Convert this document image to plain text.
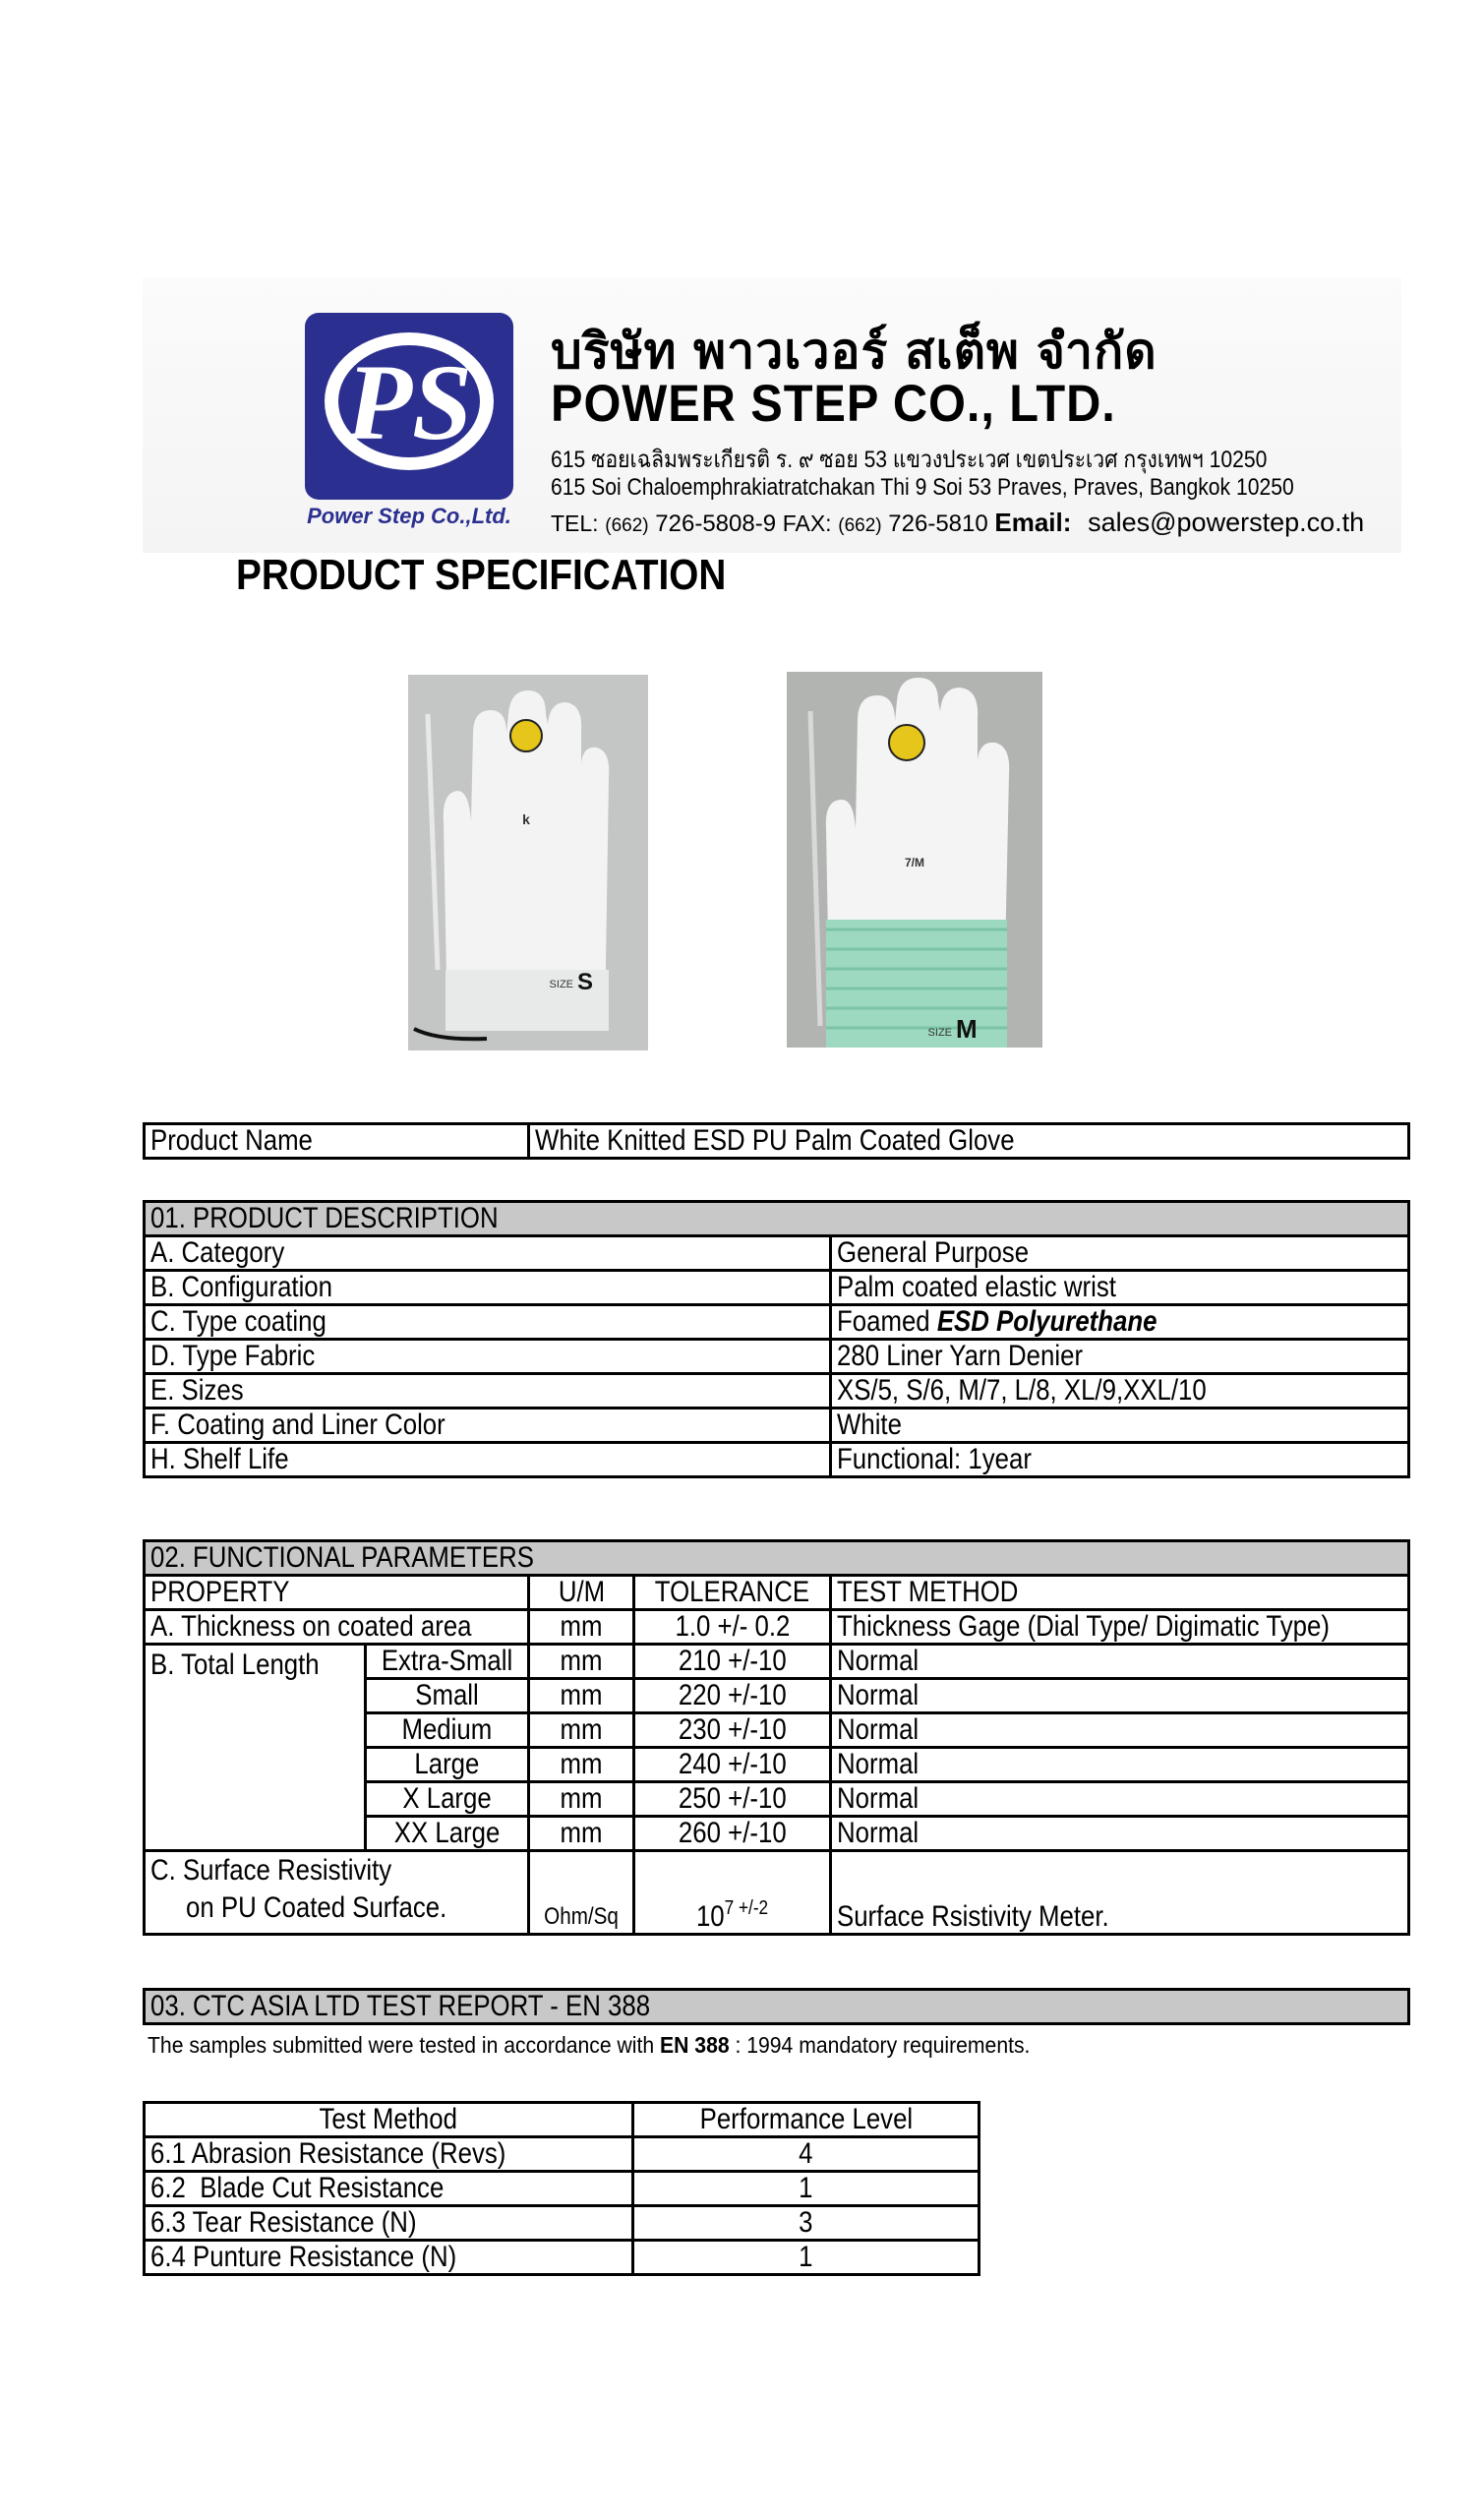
PS
Power Step Co.,Ltd.
บริษัท พาวเวอร์ สเต็พ จำกัด
POWER STEP CO., LTD.
615 ซอยเฉลิมพระเกียรติ ร. ๙ ซอย 53 แขวงประเวศ เขตประเวศ กรุงเทพฯ 10250
615 Soi Chaloemphrakiatratchakan Thi 9 Soi 53 Praves, Praves, Bangkok 10250
TEL: (662) 726-5808-9 FAX: (662) 726-5810 Email: sales@powerstep.co.th
PRODUCT SPECIFICATION
k
SIZE S
7/M
SIZE M
Product Name	White Knitted ESD PU Palm Coated Glove
01. PRODUCT DESCRIPTION	
A. Category	General Purpose
B. Configuration	Palm coated elastic wrist
C. Type coating	Foamed ESD Polyurethane
D. Type Fabric	280 Liner Yarn Denier
E. Sizes	XS/5, S/6, M/7, L/8, XL/9,XXL/10
F. Coating and Liner Color	White
H. Shelf Life	Functional: 1year
02. FUNCTIONAL PARAMETERS				
PROPERTY		U/M	TOLERANCE	TEST METHOD
A. Thickness on coated area		mm	1.0 +/- 0.2	Thickness Gage (Dial Type/ Digimatic Type)
B. Total Length	Extra-Small	mm	210 +/-10	Normal
	Small	mm	220 +/-10	Normal
	Medium	mm	230 +/-10	Normal
	Large	mm	240 +/-10	Normal
	X Large	mm	250 +/-10	Normal
	XX Large	mm	260 +/-10	Normal
C. Surface Resistivity
on PU Coated Surface.		Ohm/Sq	$10^{7 +/-2}$	Surface Rsistivity Meter.
03. CTC ASIA LTD TEST REPORT - EN 388
The samples submitted were tested in accordance with EN 388 : 1994 mandatory requirements.
Test Method	Performance Level
6.1 Abrasion Resistance (Revs)	4
6.2  Blade Cut Resistance	1
6.3 Tear Resistance (N)	3
6.4 Punture Resistance (N)	1
